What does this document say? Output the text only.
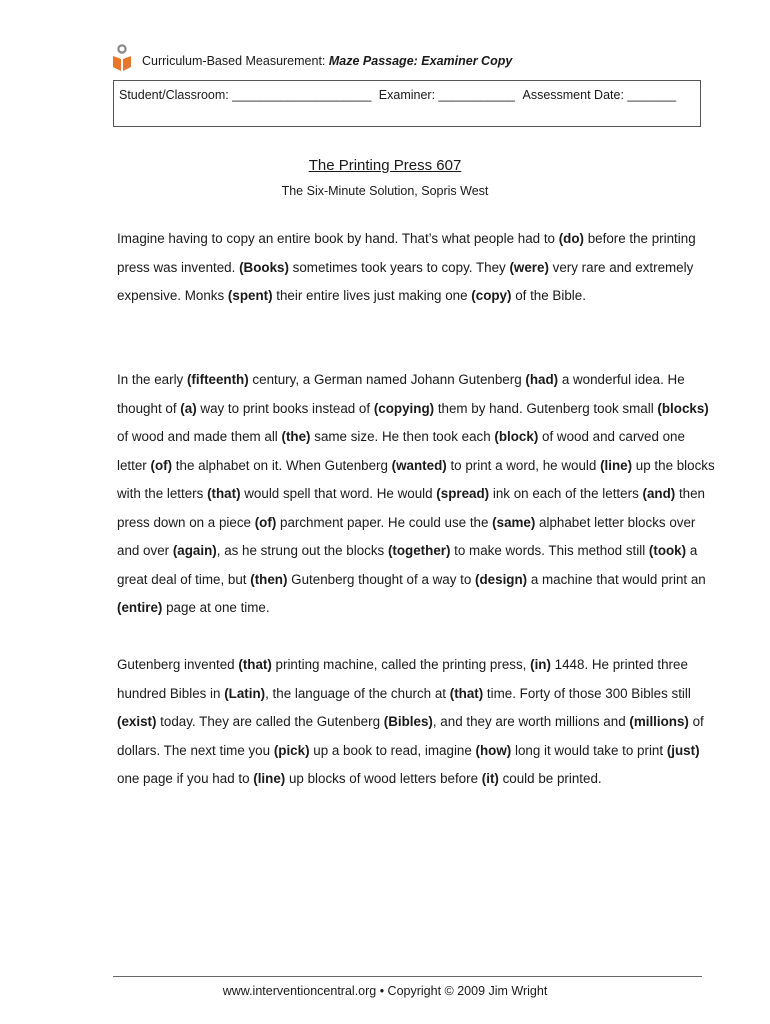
Curriculum-Based Measurement: Maze Passage: Examiner Copy
Student/Classroom: ____________________ Examiner: ___________ Assessment Date: _______
The Printing Press 607
The Six-Minute Solution, Sopris West

Imagine having to copy an entire book by hand. That’s what people had to (do) before the printing press was invented. (Books) sometimes took years to copy. They (were) very rare and extremely expensive. Monks (spent) their entire lives just making one (copy) of the Bible.

In the early (fifteenth) century, a German named Johann Gutenberg (had) a wonderful idea. He thought of (a) way to print books instead of (copying) them by hand. Gutenberg took small (blocks) of wood and made them all (the) same size. He then took each (block) of wood and carved one letter (of) the alphabet on it. When Gutenberg (wanted) to print a word, he would (line) up the blocks with the letters (that) would spell that word. He would (spread) ink on each of the letters (and) then press down on a piece (of) parchment paper. He could use the (same) alphabet letter blocks over and over (again), as he strung out the blocks (together) to make words. This method still (took) a great deal of time, but (then) Gutenberg thought of a way to (design) a machine that would print an (entire) page at one time.

Gutenberg invented (that) printing machine, called the printing press, (in) 1448. He printed three hundred Bibles in (Latin), the language of the church at (that) time. Forty of those 300 Bibles still (exist) today. They are called the Gutenberg (Bibles), and they are worth millions and (millions) of dollars. The next time you (pick) up a book to read, imagine (how) long it would take to print (just) one page if you had to (line) up blocks of wood letters before (it) could be printed.

www.interventioncentral.org • Copyright © 2009 Jim Wright
